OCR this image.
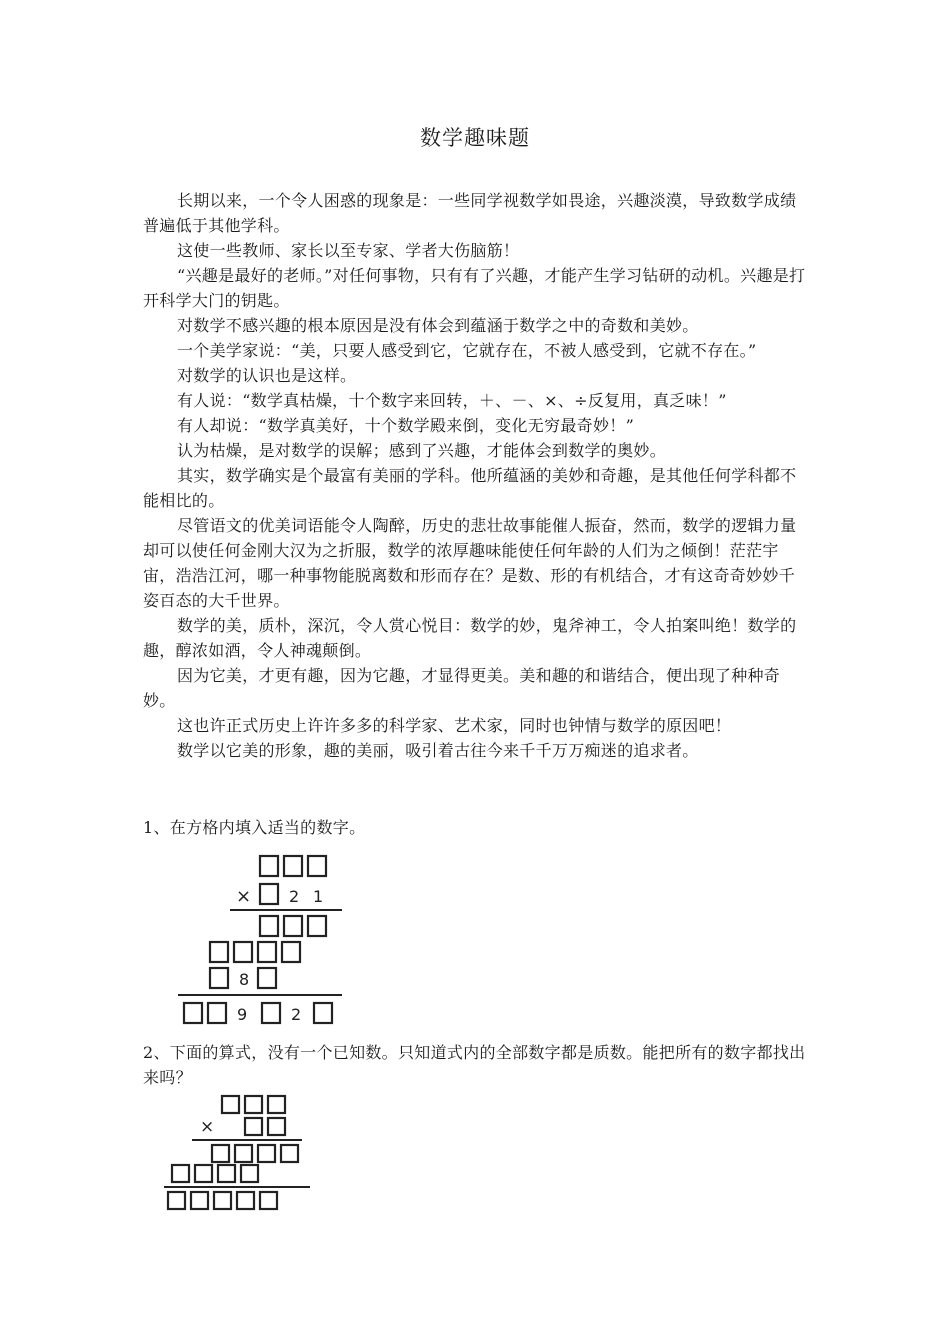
数学趣味题

长期以来，一个令人困惑的现象是：一些同学视数学如畏途，兴趣淡漠，导致数学成绩普遍低于其他学科。

这使一些教师、家长以至专家、学者大伤脑筋！

“兴趣是最好的老师。”对任何事物，只有有了兴趣，才能产生学习钻研的动机。兴趣是打开科学大门的钥匙。

对数学不感兴趣的根本原因是没有体会到蕴涵于数学之中的奇数和美妙。

一个美学家说：“美，只要人感受到它，它就存在，不被人感受到，它就不存在。”

对数学的认识也是这样。

有人说：“数学真枯燥，十个数字来回转，＋、－、×、÷反复用，真乏味！”

有人却说：“数学真美好，十个数学殿来倒，变化无穷最奇妙！”

认为枯燥，是对数学的误解；感到了兴趣，才能体会到数学的奥妙。

其实，数学确实是个最富有美丽的学科。他所蕴涵的美妙和奇趣，是其他任何学科都不能相比的。

尽管语文的优美词语能令人陶醉，历史的悲壮故事能催人振奋，然而，数学的逻辑力量却可以使任何金刚大汉为之折服，数学的浓厚趣味能使任何年龄的人们为之倾倒！茫茫宇宙，浩浩江河，哪一种事物能脱离数和形而存在？是数、形的有机结合，才有这奇奇妙妙千姿百态的大千世界。

数学的美，质朴，深沉，令人赏心悦目：数学的妙，鬼斧神工，令人拍案叫绝！数学的趣，醇浓如酒，令人神魂颠倒。

因为它美，才更有趣，因为它趣，才显得更美。美和趣的和谐结合，便出现了种种奇妙。

这也许正式历史上许许多多的科学家、艺术家，同时也钟情与数学的原因吧！

数学以它美的形象，趣的美丽，吸引着古往今来千千万万痴迷的追求者。

1、在方格内填入适当的数字。

× 2 1
8
9	2

2、下面的算式，没有一个已知数。只知道式内的全部数字都是质数。能把所有的数字都找出来吗？

×
